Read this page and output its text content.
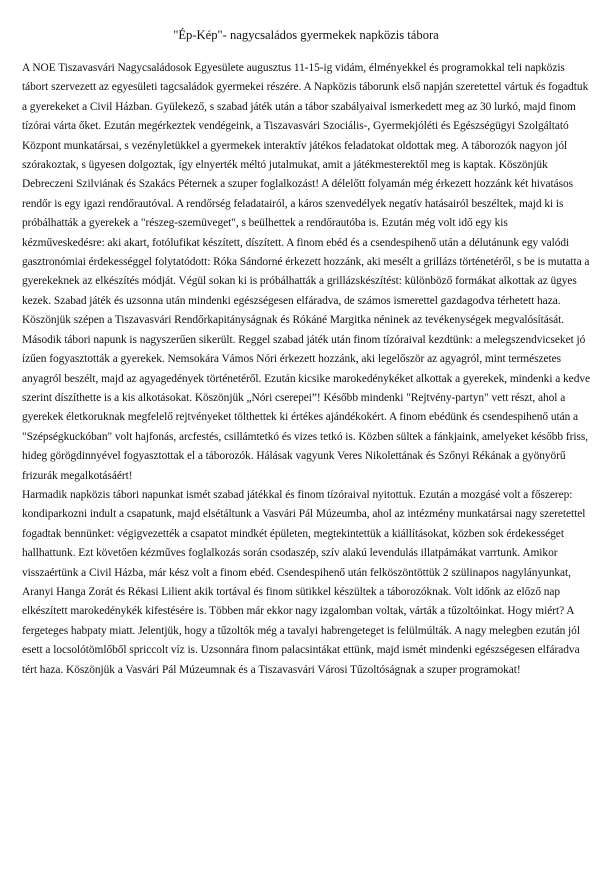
"Ép-Kép"- nagycsaládos gyermekek napközis tábora

A NOE Tiszavasvári Nagycsaládosok Egyesülete augusztus 11-15-ig vidám, élményekkel és programokkal teli napközis tábort szervezett az egyesületi tagcsaládok gyermekei részére. A Napközis táborunk első napján szeretettel vártuk és fogadtuk a gyerekeket a Civil Házban. Gyülekező, s szabad játék után a tábor szabályaival ismerkedett meg az 30 lurkó, majd finom tízórai várta őket. Ezután megérkeztek vendégeink, a Tiszavasvári Szociális-, Gyermekjóléti és Egészségügyi Szolgáltató Központ munkatársai, s vezényletükkel a gyermekek interaktív játékos feladatokat oldottak meg. A táborozók nagyon jól szórakoztak, s ügyesen dolgoztak, így elnyerték méltó jutalmukat, amit a játékmesterektől meg is kaptak. Köszönjük Debreczeni Szilviának és Szakács Péternek a szuper foglalkozást! A délelőtt folyamán még érkezett hozzánk két hivatásos rendőr is egy igazi rendőrautóval. A rendőrség feladatairól, a káros szenvedélyek negatív hatásairól beszéltek, majd ki is próbálhatták a gyerekek a "részeg-szemüveget", s beülhettek a rendőrautóba is. Ezután még volt idő egy kis kézműveskedésre: aki akart, fotólufikat készített, díszített. A finom ebéd és a csendespihenő után a délutánunk egy valódi gasztronómiai érdekességgel folytatódott: Róka Sándorné érkezett hozzánk, aki mesélt a grillázs történetéről, s be is mutatta a gyerekeknek az elkészítés módját. Végül sokan ki is próbálhatták a grillázskészítést: különböző formákat alkottak az ügyes kezek. Szabad játék és uzsonna után mindenki egészségesen elfáradva, de számos ismerettel gazdagodva térhetett haza. Köszönjük szépen a Tiszavasvári Rendőrkapitányságnak és Rókáné Margitka néninek az tevékenységek megvalósítását.

Második tábori napunk is nagyszerűen sikerült. Reggel szabad játék után finom tízóraival kezdtünk: a melegszendvicseket jó ízűen fogyasztották a gyerekek. Nemsokára Vámos Nóri érkezett hozzánk, aki legelőször az agyagról, mint természetes anyagról beszélt, majd az agyagedények történetéről. Ezután kicsike marokedénykéket alkottak a gyerekek, mindenki a kedve szerint díszíthette is a kis alkotásokat. Köszönjük „Nóri cserepei”! Később mindenki "Rejtvény-partyn" vett részt, ahol a gyerekek életkoruknak megfelelő rejtvényeket tölthettek ki értékes ajándékokért. A finom ebédünk és csendespihenő után a "Szépségkuckóban" volt hajfonás, arcfestés, csillámtetkó és vizes tetkó is. Közben sültek a fánkjaink, amelyeket később friss, hideg görögdinnyével fogyasztottak el a táborozók. Hálásak vagyunk Veres Nikolettának és Szőnyi Rékának a gyönyörű frizurák megalkotásáért!

Harmadik napközis tábori napunkat ismét szabad játékkal és finom tízóraival nyitottuk. Ezután a mozgásé volt a főszerep: kondiparkozni indult a csapatunk, majd elsétáltunk a Vasvári Pál Múzeumba, ahol az intézmény munkatársai nagy szeretettel fogadtak bennünket: végigvezették a csapatot mindkét épületen, megtekintettük a kiállításokat, közben sok érdekességet hallhattunk. Ezt követően kézműves foglalkozás során csodaszép, szív alakú levendulás illatpámákat varrtunk. Amikor visszaértünk a Civil Házba, már kész volt a finom ebéd. Csendespihenő után felköszöntöttük 2 szülinapos nagylányunkat, Aranyi Hanga Zorát és Rékasi Lilient akik tortával és finom sütikkel készültek a táborozóknak. Volt időnk az előző nap elkészített marokedénykék kifestésére is. Többen már ekkor nagy izgalomban voltak, várták a tűzoltóinkat. Hogy miért? A fergeteges habpaty miatt. Jelentjük, hogy a tűzoltók még a tavalyi habrengeteget is felülmúlták. A nagy melegben ezután jól esett a locsolótömlőből spriccolt víz is. Uzsonnára finom palacsintákat ettünk, majd ismét mindenki egészségesen elfáradva tért haza. Köszönjük a Vasvári Pál Múzeumnak és a Tiszavasvári Városi Tűzoltóságnak a szuper programokat!
